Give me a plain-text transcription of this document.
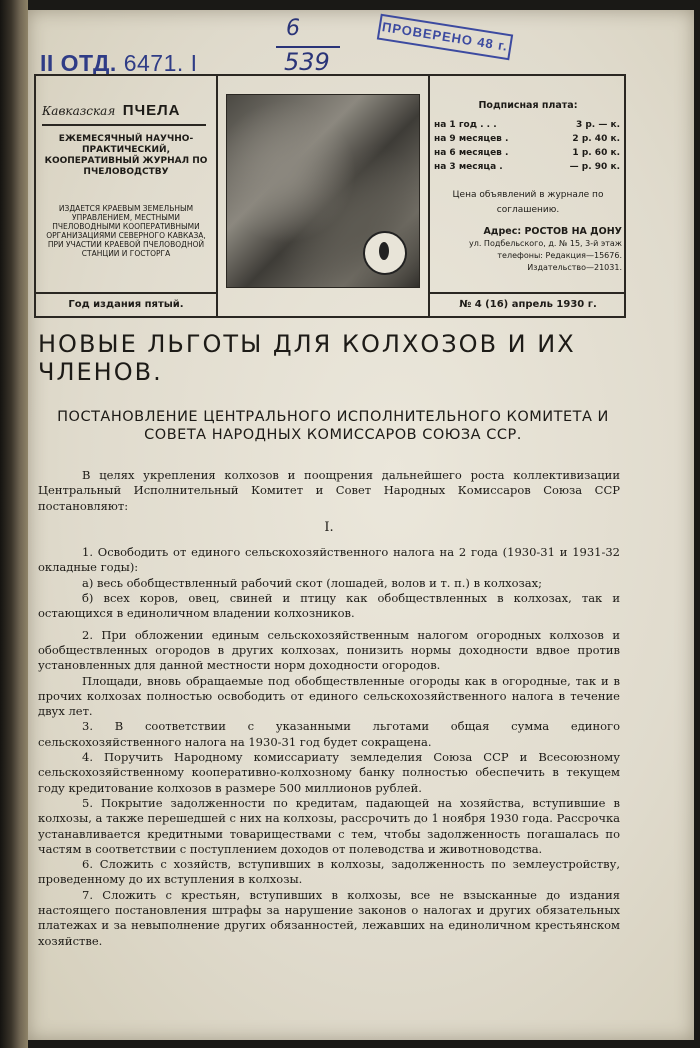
II ОТД. 6471. I
6
539
ПРОВЕРЕНО 48 г.
Кавказская ПЧЕЛА
ЕЖЕМЕСЯЧНЫЙ НАУЧНО-ПРАКТИЧЕСКИЙ, КООПЕРАТИВНЫЙ ЖУРНАЛ ПО ПЧЕЛОВОДСТВУ
ИЗДАЕТСЯ КРАЕВЫМ ЗЕМЕЛЬНЫМ УПРАВЛЕНИЕМ, МЕСТНЫМИ ПЧЕЛОВОДНЫМИ КООПЕРАТИВНЫМИ ОРГАНИЗАЦИЯМИ СЕВЕРНОГО КАВКАЗА, ПРИ УЧАСТИИ КРАЕВОЙ ПЧЕЛОВОДНОЙ СТАНЦИИ И ГОСТОРГА
Год издания пятый.
Подписная плата:
на 1 год . . .	3 р. — к.
на 9 месяцев .	2 р. 40 к.
на 6 месяцев .	1 р. 60 к.
на 3 месяца .	— р. 90 к.
Цена объявлений в журнале по соглашению.
Адрес: РОСТОВ НА ДОНУ
ул. Подбельского, д. № 15, 3-й этаж
телефоны: Редакция—15676.
Издательство—21031.
№ 4 (16) апрель 1930 г.
НОВЫЕ ЛЬГОТЫ ДЛЯ КОЛХОЗОВ И ИХ ЧЛЕНОВ.
ПОСТАНОВЛЕНИЕ ЦЕНТРАЛЬНОГО ИСПОЛНИТЕЛЬНОГО КОМИТЕТА И СОВЕТА НАРОДНЫХ КОМИССАРОВ СОЮЗА ССР.

В целях укрепления колхозов и поощрения дальнейшего роста коллективизации Центральный Исполнительный Комитет и Совет Народных Комиссаров Союза ССР постановляют:

I.

1. Освободить от единого сельскохозяйственного налога на 2 года (1930-31 и 1931-32 окладные годы):

а) весь обобществленный рабочий скот (лошадей, волов и т. п.) в колхозах;

б) всех коров, овец, свиней и птицу как обобществленных в колхозах, так и остающихся в единоличном владении колхозников.

2. При обложении единым сельскохозяйственным налогом огородных колхозов и обобществленных огородов в других колхозах, понизить нормы доходности вдвое против установленных для данной местности норм доходности огородов.

Площади, вновь обращаемые под обобществленные огороды как в огородные, так и в прочих колхозах полностью освободить от единого сельскохозяйственного налога в течение двух лет.

3. В соответствии с указанными льготами общая сумма единого сельскохозяйственного налога на 1930-31 год будет сокращена.

4. Поручить Народному комиссариату земледелия Союза ССР и Всесоюзному сельскохозяйственному кооперативно-колхозному банку полностью обеспечить в текущем году кредитование колхозов в размере 500 миллионов рублей.

5. Покрытие задолженности по кредитам, падающей на хозяйства, вступившие в колхозы, а также перешедшей с них на колхозы, рассрочить до 1 ноября 1930 года. Рассрочка устанавливается кредитными товариществами с тем, чтобы задолженность погашалась по частям в соответствии с поступлением доходов от полеводства и животноводства.

6. Сложить с хозяйств, вступивших в колхозы, задолженность по землеустройству, проведенному до их вступления в колхозы.

7. Сложить с крестьян, вступивших в колхозы, все не взысканные до издания настоящего постановления штрафы за нарушение законов о налогах и других обязательных платежах и за невыполнение других обязанностей, лежавших на единоличном крестьянском хозяйстве.
